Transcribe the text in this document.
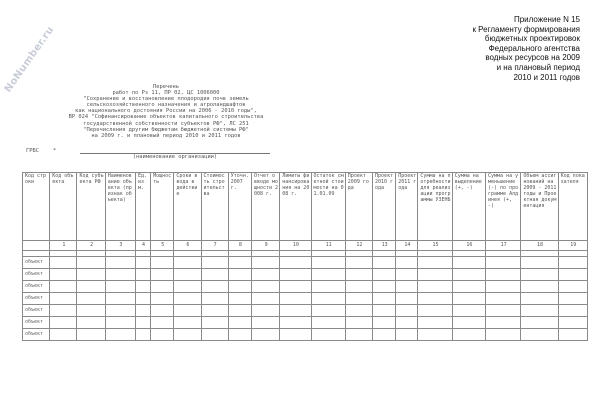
NoNumber.ru
Приложение N 15
к Регламенту формирования
бюджетных проектировок
Федерального агентства
водных ресурсов на 2009
и на плановый период
2010 и 2011 годов
Перечень
работ по Рз 11, ПР 02, ЦС 1006000
"Сохранение и восстановление плодородия почв земель
сельскохозяйственного назначения и агроландшафтов
как национального достояния России на 2006 - 2010 годы",
ВР 024 "Софинансирование объектов капитального строительства
государственной собственности субъектов РФ", ЛС 251
"Перечисления другим бюджетам бюджетной системы РФ"
на 2009 г. и плановый период 2010 и 2011 годов
ГРБС	*
(наименование организации)
Код строки	Код объекта	Код субъекта РФ	Наименование объекта (признак объекта)	Ед. изм.	Мощность	Сроки ввода в действие	Стоимость строительства	Уточн. 2007 г.	Отчет о вводе мощности 2008 г.	Лимиты финансирования на 2008 г.	Остаток сметной стоимости на 01.01.09	Проект 2009 года	Проект 2010 года	Проект 2011 года	Сумма на потребности для реализации программы УЗЕНБ	Сумма на выделение (+, -)	Сумма на уменьшение (-) по программе Алдинея (+, -)	Объем ассигнований на 2009 - 2011 годы и Проектная документация	Код показателя
	1	2	3	4	5	6	7	8	9	10	11	12	13	14	15	16	17	18	19

объект																			
объект																			
объект																			
объект																			
объект																			
объект																			
объект																			
